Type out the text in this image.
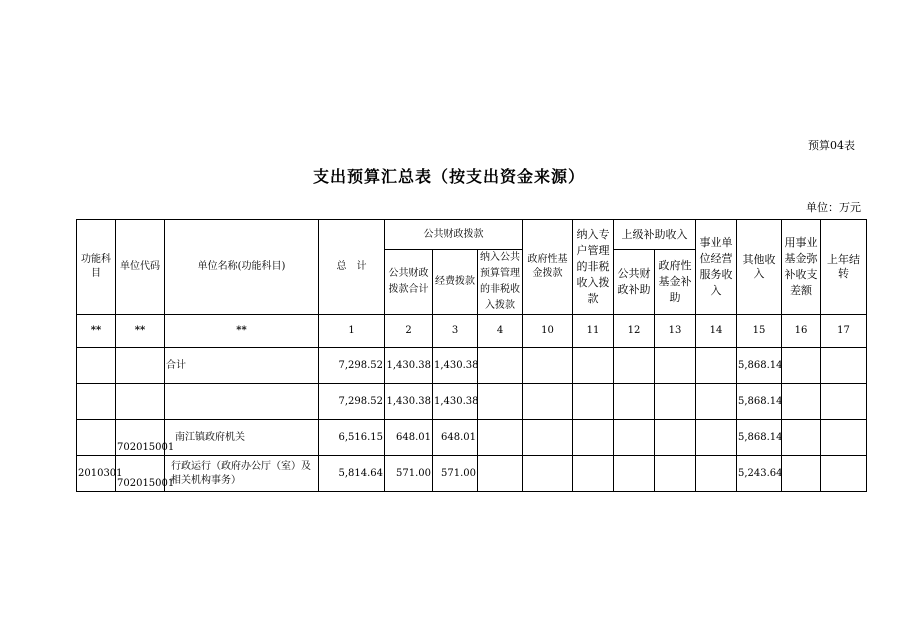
预算04表
支出预算汇总表（按支出资金来源）
单位：万元
功能科目	单位代码	单位名称(功能科目)	总　计	公共财政拨款			政府性基金拨款	纳入专户管理的非税收入拨款	上级补助收入		事业单位经营服务收入	其他收入	用事业基金弥补收支差额	上年结转
				公共财政拨款合计	经费拨款	纳入公共预算管理的非税收入拨款								
									公共财政补助	政府性基金补助				
**	**	**	1	2	3	4	10	11	12	13	14	15	16	17
		合计	7,298.52	1,430.38	1,430.38							5,868.14		
			7,298.52	1,430.38	1,430.38							5,868.14		
	702015001	南江镇政府机关	6,516.15	648.01	648.01							5,868.14		
2010301	702015001	行政运行（政府办公厅（室）及相关机构事务）	5,814.64	571.00	571.00							5,243.64		
